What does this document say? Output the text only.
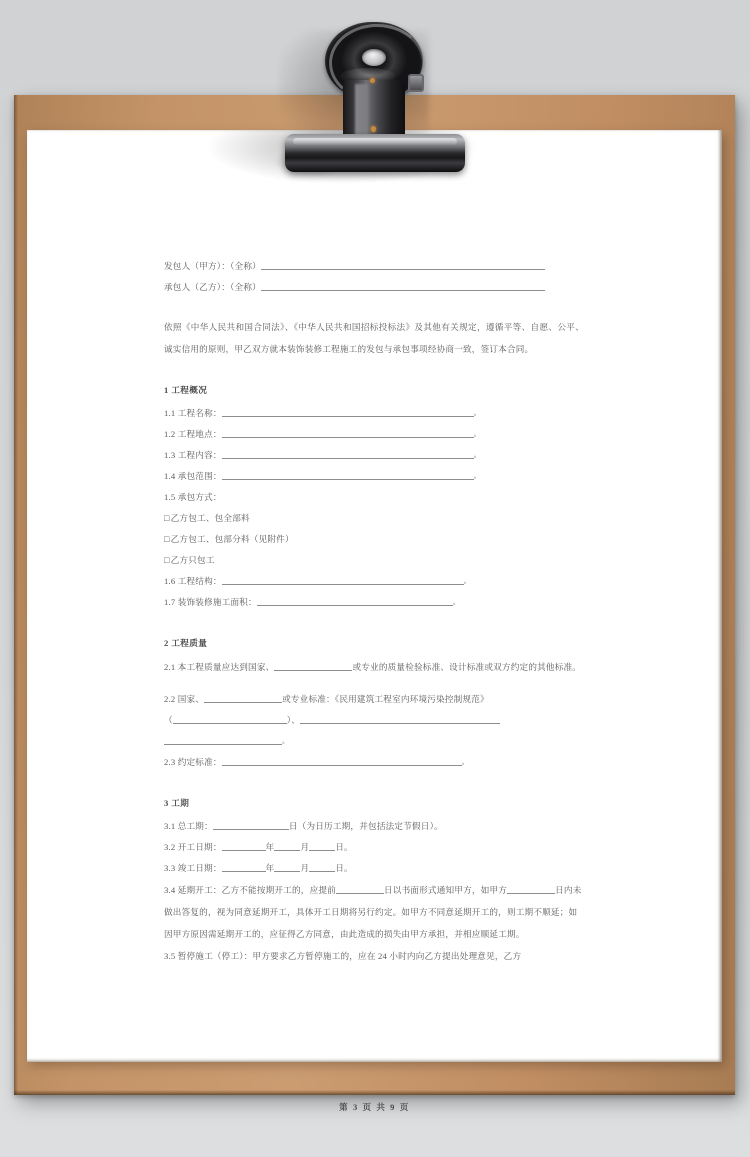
发包人（甲方）：（全称）
承包人（乙方）：（全称）
依照《中华人民共和国合同法》、《中华人民共和国招标投标法》及其他有关规定，遵循平等、自愿、公平、诚实信用的原则，甲乙双方就本装饰装修工程施工的发包与承包事项经协商一致，签订本合同。
1 工程概况
1.1 工程名称：	。
1.2 工程地点：	。
1.3 工程内容：	。
1.4 承包范围：	。
1.5 承包方式：
□乙方包工、包全部料
□乙方包工、包部分料（见附件）
□乙方只包工
1.6 工程结构：	。
1.7 装饰装修施工面积：	。
2 工程质量
2.1 本工程质量应达到国家、	或专业的质量检验标准、设计标准或双方约定的其他标准。
2.2 国家、	或专业标准：《民用建筑工程室内环境污染控制规范》
（	）、
。
2.3 约定标准：	。
3 工期
3.1 总工期：	日（为日历工期，并包括法定节假日）。
3.2 开工日期：	年	月	日。
3.3 竣工日期：	年	月	日。
3.4 延期开工：乙方不能按期开工的，应提前	日以书面形式通知甲方，如甲方	日内未做出答复的，视为同意延期开工，具体开工日期将另行约定。如甲方不同意延期开工的，则工期不顺延；如因甲方原因需延期开工的，应征得乙方同意，由此造成的损失由甲方承担，并相应顺延工期。
3.5 暂停施工（停工）：甲方要求乙方暂停施工的，应在 24 小时内向乙方提出处理意见，乙方
第 3 页 共 9 页
